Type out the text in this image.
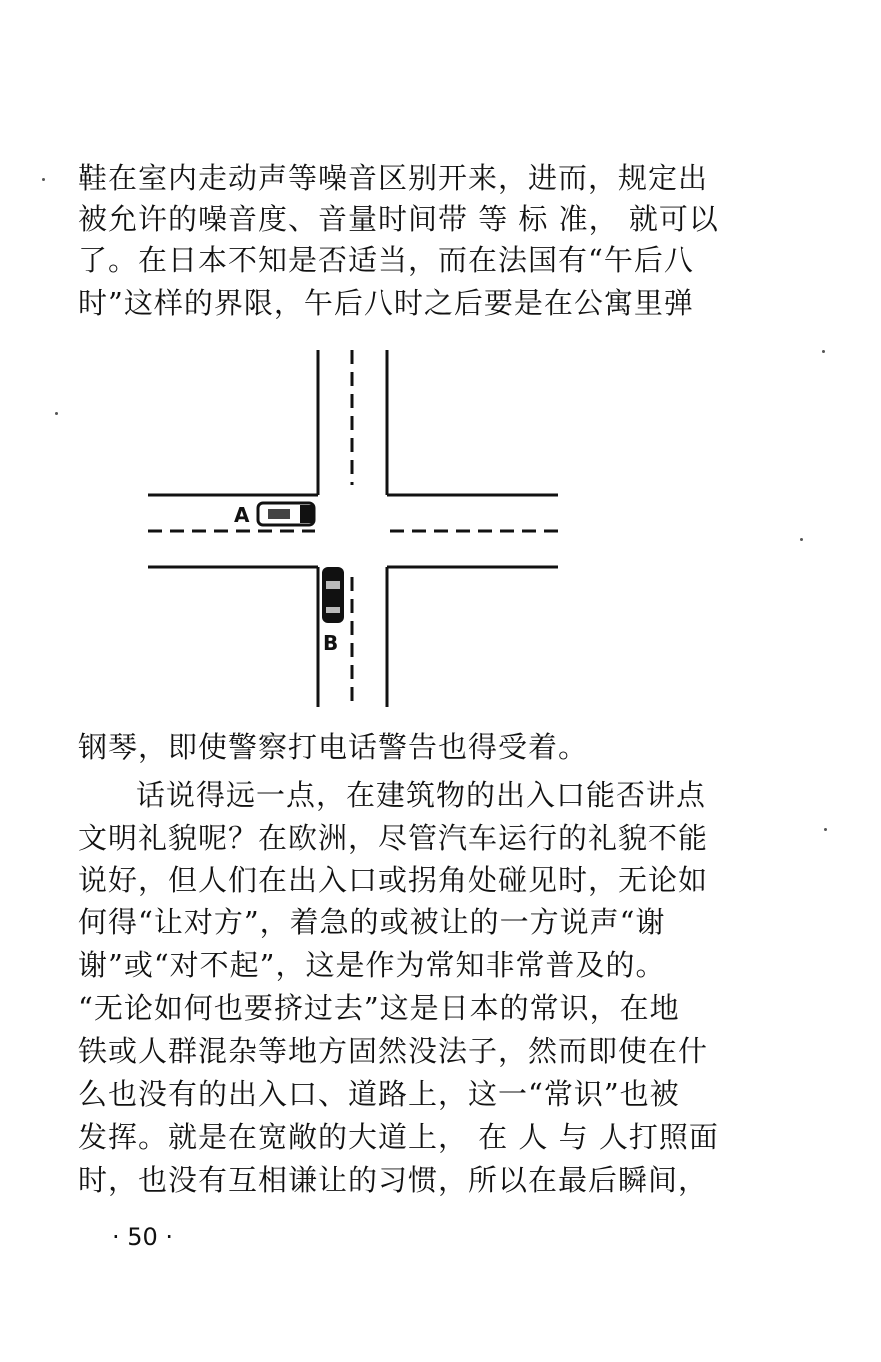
鞋在室内走动声等噪音区别开来，进而，规定出
被允许的噪音度、音量时间带 等 标 准， 就可以
了。在日本不知是否适当，而在法国有“午后八
时”这样的界限，午后八时之后要是在公寓里弹
A
B
钢琴，即使警察打电话警告也得受着。
话说得远一点，在建筑物的出入口能否讲点
文明礼貌呢？在欧洲，尽管汽车运行的礼貌不能
说好，但人们在出入口或拐角处碰见时，无论如
何得“让对方”，着急的或被让的一方说声“谢
谢”或“对不起”，这是作为常知非常普及的。
“无论如何也要挤过去”这是日本的常识，在地
铁或人群混杂等地方固然没法子，然而即使在什
么也没有的出入口、道路上，这一“常识”也被
发挥。就是在宽敞的大道上， 在 人 与 人打照面
时，也没有互相谦让的习惯，所以在最后瞬间，
· 50 ·
